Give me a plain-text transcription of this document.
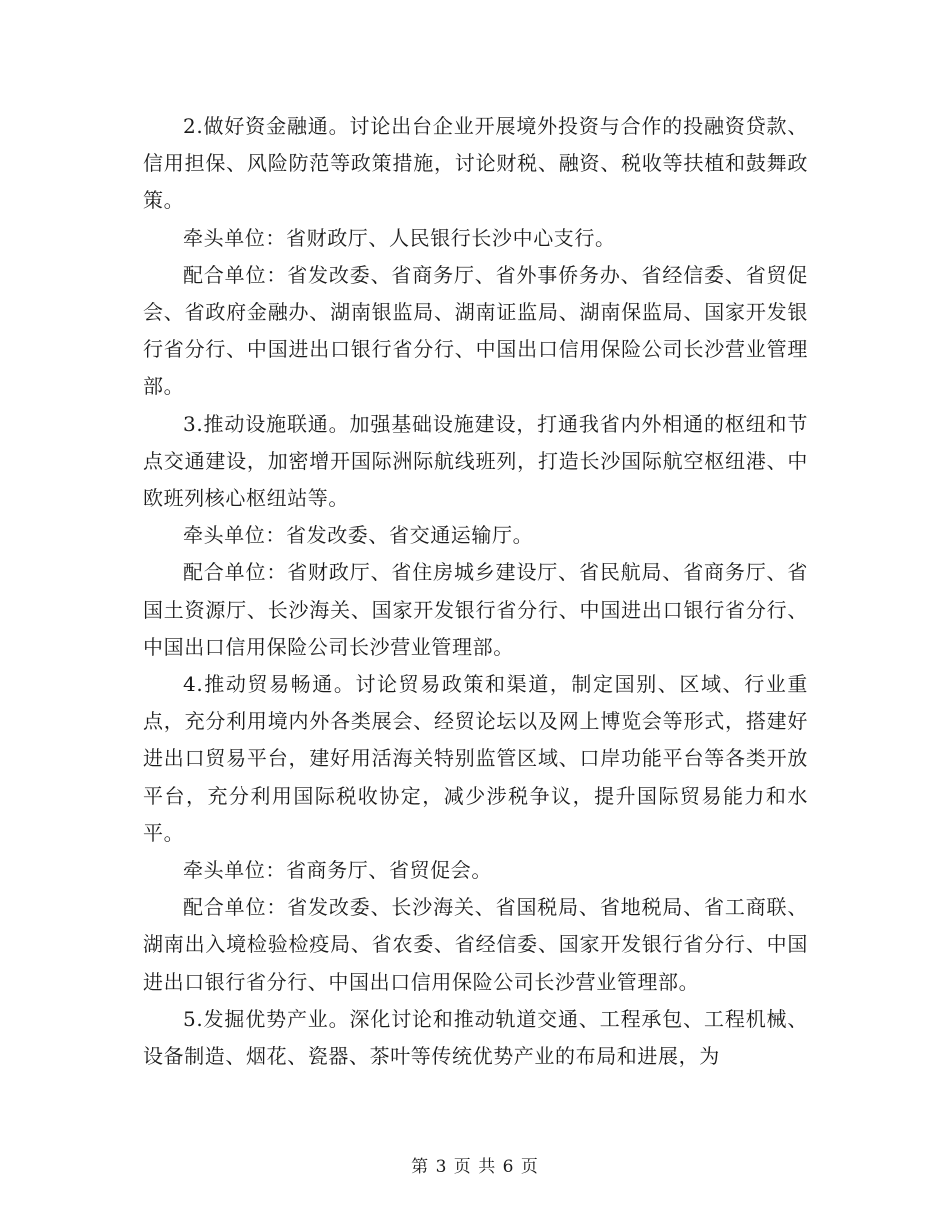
2.做好资金融通。讨论出台企业开展境外投资与合作的投融资贷款、信用担保、风险防范等政策措施，讨论财税、融资、税收等扶植和鼓舞政策。

牵头单位：省财政厅、人民银行长沙中心支行。

配合单位：省发改委、省商务厅、省外事侨务办、省经信委、省贸促会、省政府金融办、湖南银监局、湖南证监局、湖南保监局、国家开发银行省分行、中国进出口银行省分行、中国出口信用保险公司长沙营业管理部。

3.推动设施联通。加强基础设施建设，打通我省内外相通的枢纽和节点交通建设，加密增开国际洲际航线班列，打造长沙国际航空枢纽港、中欧班列核心枢纽站等。

牵头单位：省发改委、省交通运输厅。

配合单位：省财政厅、省住房城乡建设厅、省民航局、省商务厅、省国土资源厅、长沙海关、国家开发银行省分行、中国进出口银行省分行、中国出口信用保险公司长沙营业管理部。

4.推动贸易畅通。讨论贸易政策和渠道，制定国别、区域、行业重点，充分利用境内外各类展会、经贸论坛以及网上博览会等形式，搭建好进出口贸易平台，建好用活海关特别监管区域、口岸功能平台等各类开放平台，充分利用国际税收协定，减少涉税争议，提升国际贸易能力和水平。

牵头单位：省商务厅、省贸促会。

配合单位：省发改委、长沙海关、省国税局、省地税局、省工商联、湖南出入境检验检疫局、省农委、省经信委、国家开发银行省分行、中国进出口银行省分行、中国出口信用保险公司长沙营业管理部。

5.发掘优势产业。深化讨论和推动轨道交通、工程承包、工程机械、设备制造、烟花、瓷器、茶叶等传统优势产业的布局和进展，为

第 3 页 共 6 页
